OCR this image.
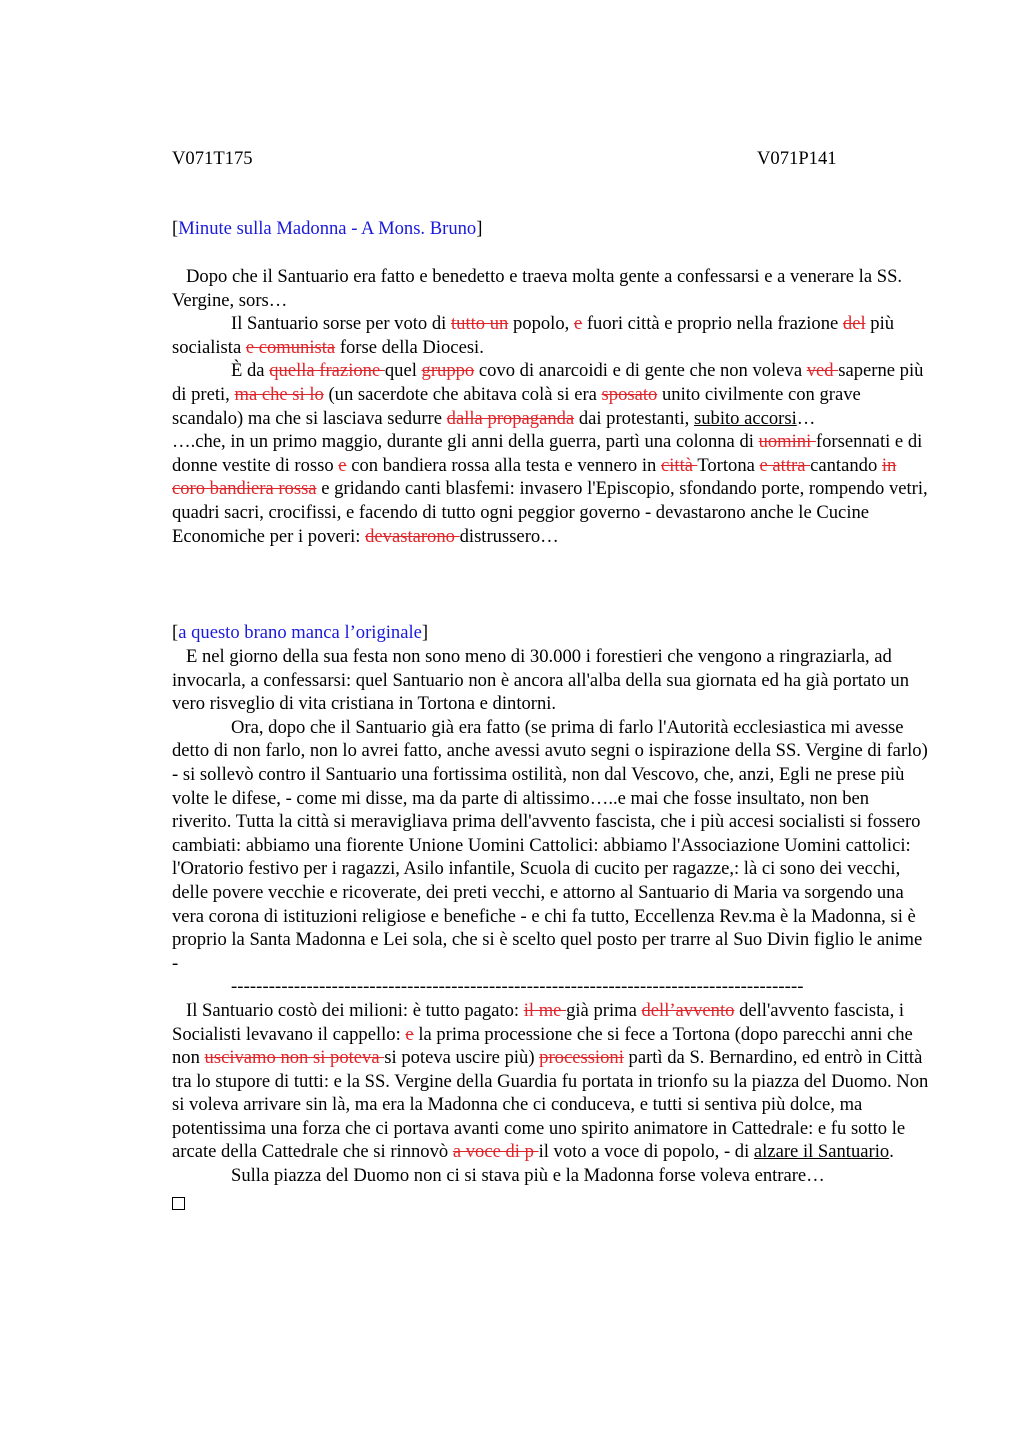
V071T175	V071P141
[Minute sulla Madonna - A Mons. Bruno]

Dopo che il Santuario era fatto e benedetto e traeva molta gente a confessarsi e a venerare la SS. Vergine, sors…

Il Santuario sorse per voto di tutto un popolo, e fuori città e proprio nella frazione del più socialista e comunista forse della Diocesi.

È da quella frazione quel gruppo covo di anarcoidi e di gente che non voleva ved saperne più di preti, ma che si lo (un sacerdote che abitava colà si era sposato unito civilmente con grave scandalo) ma che si lasciava sedurre dalla propaganda dai protestanti, subito accorsi…

….che, in un primo maggio, durante gli anni della guerra, partì una colonna di uomini forsennati e di donne vestite di rosso e con bandiera rossa alla testa e vennero in città Tortona e attra cantando in coro bandiera rossa e gridando canti blasfemi: invasero l'Episcopio, sfondando porte, rompendo vetri, quadri sacri, crocifissi, e facendo di tutto ogni peggior governo - devastarono anche le Cucine Economiche per i poveri: devastarono distrussero…

[a questo brano manca l’originale]

E nel giorno della sua festa non sono meno di 30.000 i forestieri che vengono a ringraziarla, ad invocarla, a confessarsi: quel Santuario non è ancora all'alba della sua giornata ed ha già portato un vero risveglio di vita cristiana in Tortona e dintorni.

Ora, dopo che il Santuario già era fatto (se prima di farlo l'Autorità ecclesiastica mi avesse detto di non farlo, non lo avrei fatto, anche avessi avuto segni o ispirazione della SS. Vergine di farlo) - si sollevò contro il Santuario una fortissima ostilità, non dal Vescovo, che, anzi, Egli ne prese più volte le difese, - come mi disse, ma da parte di altissimo…..e mai che fosse insultato, non ben riverito. Tutta la città si meravigliava prima dell'avvento fascista, che i più accesi socialisti si fossero cambiati: abbiamo una fiorente Unione Uomini Cattolici: abbiamo l'Associazione Uomini cattolici: l'Oratorio festivo per i ragazzi, Asilo infantile, Scuola di cucito per ragazze,: là ci sono dei vecchi, delle povere vecchie e ricoverate, dei preti vecchi, e attorno al Santuario di Maria va sorgendo una vera corona di istituzioni religiose e benefiche - e chi fa tutto, Eccellenza Rev.ma è la Madonna, si è proprio la Santa Madonna e Lei sola, che si è scelto quel posto per trarre al Suo Divin figlio le anime -

-------------------------------------------------------------------------------------------

Il Santuario costò dei milioni: è tutto pagato: il me già prima dell’avvento dell'avvento fascista, i Socialisti levavano il cappello: e la prima processione che si fece a Tortona (dopo parecchi anni che non uscivamo non si poteva si poteva uscire più) processioni partì da S. Bernardino, ed entrò in Città tra lo stupore di tutti: e la SS. Vergine della Guardia fu portata in trionfo su la piazza del Duomo. Non si voleva arrivare sin là, ma era la Madonna che ci conduceva, e tutti si sentiva più dolce, ma potentissima una forza che ci portava avanti come uno spirito animatore in Cattedrale: e fu sotto le arcate della Cattedrale che si rinnovò a voce di p il voto a voce di popolo, - di alzare il Santuario.

Sulla piazza del Duomo non ci si stava più e la Madonna forse voleva entrare…
